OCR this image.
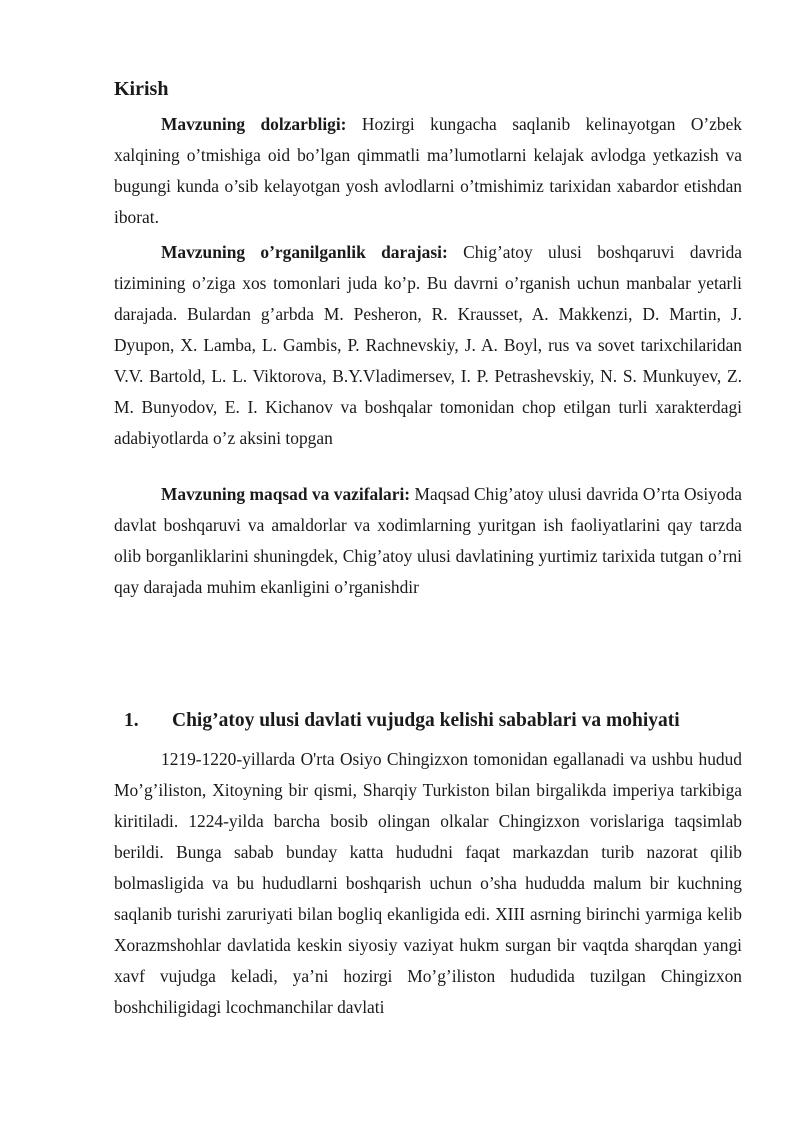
Kirish

Mavzuning dolzarbligi: Hozirgi kungacha saqlanib kelinayotgan O’zbek xalqining o’tmishiga oid bo’lgan qimmatli ma’lumotlarni kelajak avlodga yetkazish va bugungi kunda o’sib kelayotgan yosh avlodlarni o’tmishimiz tarixidan xabardor etishdan iborat.

Mavzuning o’rganilganlik darajasi: Chig’atoy ulusi boshqaruvi davrida tizimining o’ziga xos tomonlari juda ko’p. Bu davrni o’rganish uchun manbalar yetarli darajada. Bulardan g’arbda M. Pesheron, R. Krausset, A. Makkenzi, D. Martin, J. Dyupon, X. Lamba, L. Gambis, P. Rachnevskiy, J. A. Boyl, rus va sovet tarixchilaridan V.V. Bartold, L. L. Viktorova, B.Y.Vladimersev, I. P. Petrashevskiy, N. S. Munkuyev, Z. M. Bunyodov, E. I. Kichanov va boshqalar tomonidan chop etilgan turli xarakterdagi adabiyotlarda o’z aksini topgan

Mavzuning maqsad va vazifalari: Maqsad Chig’atoy ulusi davrida O’rta Osiyoda davlat boshqaruvi va amaldorlar va xodimlarning yuritgan ish faoliyatlarini qay tarzda olib borganliklarini shuningdek, Chig’atoy ulusi davlatining yurtimiz tarixida tutgan o’rni qay darajada muhim ekanligini o’rganishdir

1. Chig’atoy ulusi davlati vujudga kelishi sabablari va mohiyati

1219-1220-yillarda O'rta Osiyo Chingizxon tomonidan egallanadi va ushbu hudud Mo’g’iliston, Xitoyning bir qismi, Sharqiy Turkiston bilan birgalikda imperiya tarkibiga kiritiladi. 1224-yilda barcha bosib olingan olkalar Chingizxon vorislariga taqsimlab berildi. Bunga sabab bunday katta hududni faqat markazdan turib nazorat qilib bolmasligida va bu hududlarni boshqarish uchun o’sha hududda malum bir kuchning saqlanib turishi zaruriyati bilan bogliq ekanligida edi. XIII asrning birinchi yarmiga kelib Xorazmshohlar davlatida keskin siyosiy vaziyat hukm surgan bir vaqtda sharqdan yangi xavf vujudga keladi, ya’ni hozirgi Mo’g’iliston hududida tuzilgan Chingizxon boshchiligidagi lcochmanchilar davlati
